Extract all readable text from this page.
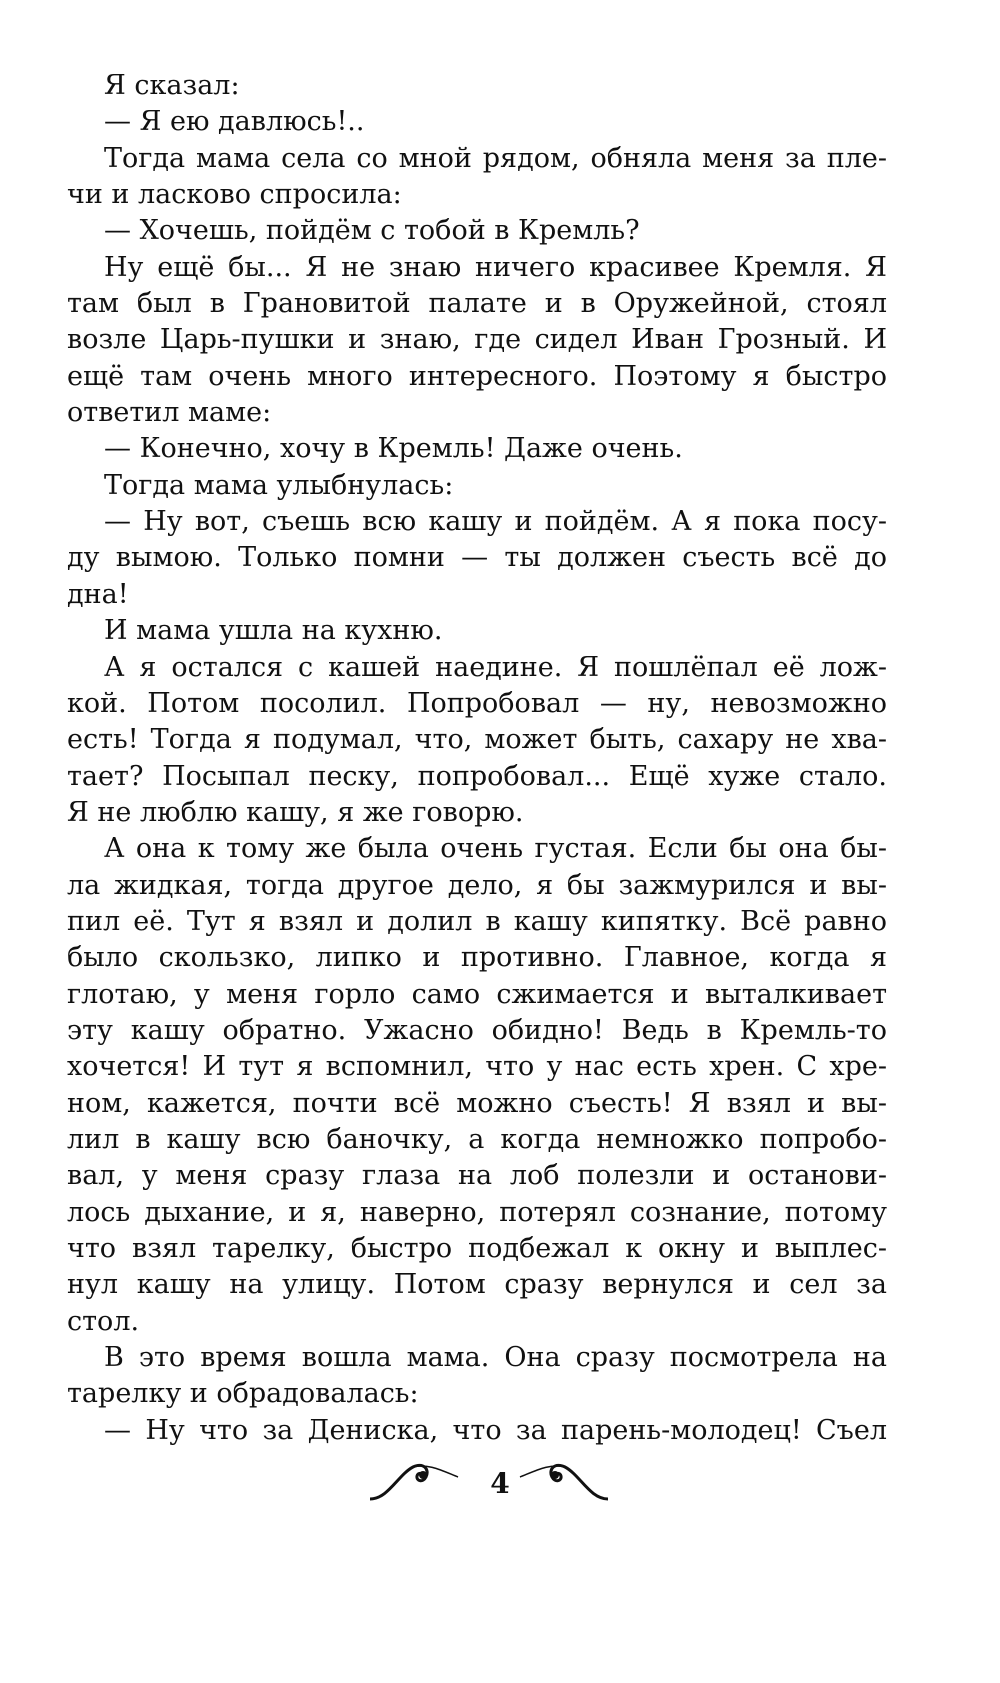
Я сказал:
— Я ею давлюсь!..
Тогда мама села со мной рядом, обняла меня за пле-
чи и ласково спросила:
— Хочешь, пойдём с тобой в Кремль?
Ну ещё бы... Я не знаю ничего красивее Кремля. Я
там был в Грановитой палате и в Оружейной, стоял
возле Царь-пушки и знаю, где сидел Иван Грозный. И
ещё там очень много интересного. Поэтому я быстро
ответил маме:
— Конечно, хочу в Кремль! Даже очень.
Тогда мама улыбнулась:
— Ну вот, съешь всю кашу и пойдём. А я пока посу-
ду вымою. Только помни — ты должен съесть всё до
дна!
И мама ушла на кухню.
А я остался с кашей наедине. Я пошлёпал её лож-
кой. Потом посолил. Попробовал — ну, невозможно
есть! Тогда я подумал, что, может быть, сахару не хва-
тает? Посыпал песку, попробовал... Ещё хуже стало.
Я не люблю кашу, я же говорю.
А она к тому же была очень густая. Если бы она бы-
ла жидкая, тогда другое дело, я бы зажмурился и вы-
пил её. Тут я взял и долил в кашу кипятку. Всё равно
было скользко, липко и противно. Главное, когда я
глотаю, у меня горло само сжимается и выталкивает
эту кашу обратно. Ужасно обидно! Ведь в Кремль-то
хочется! И тут я вспомнил, что у нас есть хрен. С хре-
ном, кажется, почти всё можно съесть! Я взял и вы-
лил в кашу всю баночку, а когда немножко попробо-
вал, у меня сразу глаза на лоб полезли и останови-
лось дыхание, и я, наверно, потерял сознание, потому
что взял тарелку, быстро подбежал к окну и выплес-
нул кашу на улицу. Потом сразу вернулся и сел за
стол.
В это время вошла мама. Она сразу посмотрела на
тарелку и обрадовалась:
— Ну что за Дениска, что за парень-молодец! Съел
4
